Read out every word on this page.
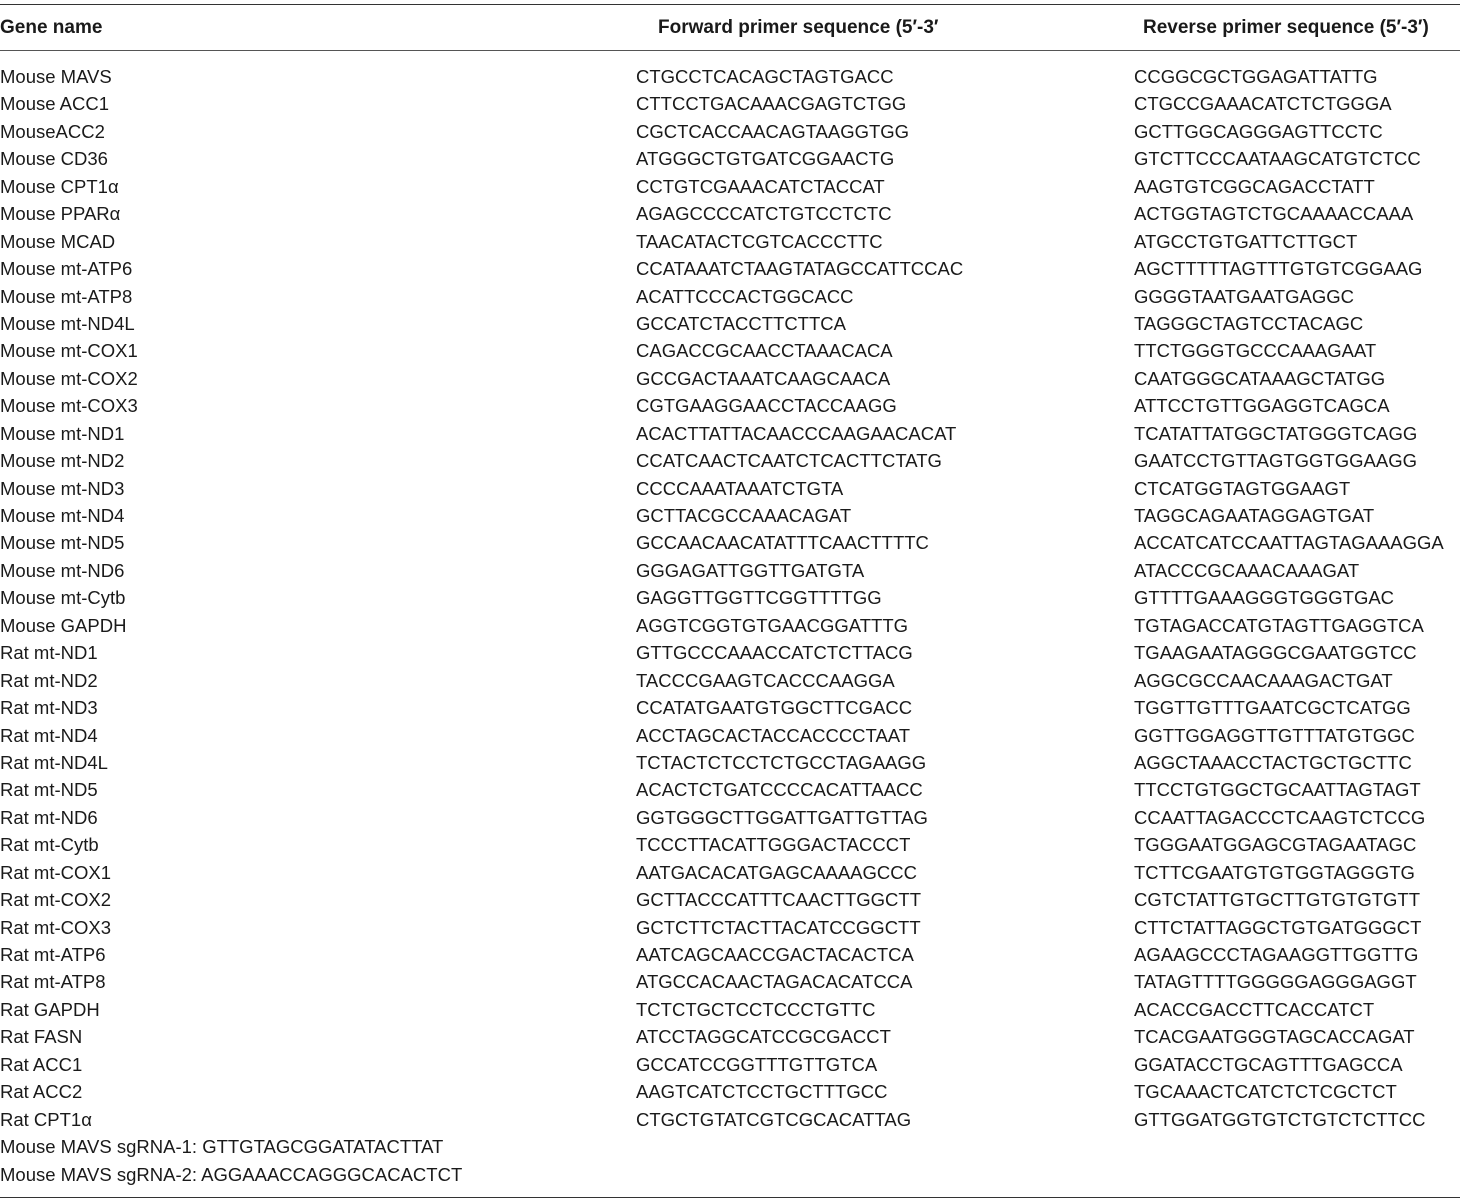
Gene name	Forward primer sequence (5′-3′	Reverse primer sequence (5′-3′)
Mouse MAVS	CTGCCTCACAGCTAGTGACC	CCGGCGCTGGAGATTATTG
Mouse ACC1	CTTCCTGACAAACGAGTCTGG	CTGCCGAAACATCTCTGGGA
MouseACC2	CGCTCACCAACAGTAAGGTGG	GCTTGGCAGGGAGTTCCTC
Mouse CD36	ATGGGCTGTGATCGGAACTG	GTCTTCCCAATAAGCATGTCTCC
Mouse CPT1α	CCTGTCGAAACATCTACCAT	AAGTGTCGGCAGACCTATT
Mouse PPARα	AGAGCCCCATCTGTCCTCTC	ACTGGTAGTCTGCAAAACCAAA
Mouse MCAD	TAACATACTCGTCACCCTTC	ATGCCTGTGATTCTTGCT
Mouse mt-ATP6	CCATAAATCTAAGTATAGCCATTCCAC	AGCTTTTTAGTTTGTGTCGGAAG
Mouse mt-ATP8	ACATTCCCACTGGCACC	GGGGTAATGAATGAGGC
Mouse mt-ND4L	GCCATCTACCTTCTTCA	TAGGGCTAGTCCTACAGC
Mouse mt-COX1	CAGACCGCAACCTAAACACA	TTCTGGGTGCCCAAAGAAT
Mouse mt-COX2	GCCGACTAAATCAAGCAACA	CAATGGGCATAAAGCTATGG
Mouse mt-COX3	CGTGAAGGAACCTACCAAGG	ATTCCTGTTGGAGGTCAGCA
Mouse mt-ND1	ACACTTATTACAACCCAAGAACACAT	TCATATTATGGCTATGGGTCAGG
Mouse mt-ND2	CCATCAACTCAATCTCACTTCTATG	GAATCCTGTTAGTGGTGGAAGG
Mouse mt-ND3	CCCCAAATAAATCTGTA	CTCATGGTAGTGGAAGT
Mouse mt-ND4	GCTTACGCCAAACAGAT	TAGGCAGAATAGGAGTGAT
Mouse mt-ND5	GCCAACAACATATTTCAACTTTTC	ACCATCATCCAATTAGTAGAAAGGA
Mouse mt-ND6	GGGAGATTGGTTGATGTA	ATACCCGCAAACAAAGAT
Mouse mt-Cytb	GAGGTTGGTTCGGTTTTGG	GTTTTGAAAGGGTGGGTGAC
Mouse GAPDH	AGGTCGGTGTGAACGGATTTG	TGTAGACCATGTAGTTGAGGTCA
Rat mt-ND1	GTTGCCCAAACCATCTCTTACG	TGAAGAATAGGGCGAATGGTCC
Rat mt-ND2	TACCCGAAGTCACCCAAGGA	AGGCGCCAACAAAGACTGAT
Rat mt-ND3	CCATATGAATGTGGCTTCGACC	TGGTTGTTTGAATCGCTCATGG
Rat mt-ND4	ACCTAGCACTACCACCCCTAAT	GGTTGGAGGTTGTTTATGTGGC
Rat mt-ND4L	TCTACTCTCCTCTGCCTAGAAGG	AGGCTAAACCTACTGCTGCTTC
Rat mt-ND5	ACACTCTGATCCCCACATTAACC	TTCCTGTGGCTGCAATTAGTAGT
Rat mt-ND6	GGTGGGCTTGGATTGATTGTTAG	CCAATTAGACCCTCAAGTCTCCG
Rat mt-Cytb	TCCCTTACATTGGGACTACCCT	TGGGAATGGAGCGTAGAATAGC
Rat mt-COX1	AATGACACATGAGCAAAAGCCC	TCTTCGAATGTGTGGTAGGGTG
Rat mt-COX2	GCTTACCCATTTCAACTTGGCTT	CGTCTATTGTGCTTGTGTGTGTT
Rat mt-COX3	GCTCTTCTACTTACATCCGGCTT	CTTCTATTAGGCTGTGATGGGCT
Rat mt-ATP6	AATCAGCAACCGACTACACTCA	AGAAGCCCTAGAAGGTTGGTTG
Rat mt-ATP8	ATGCCACAACTAGACACATCCA	TATAGTTTTGGGGGAGGGAGGT
Rat GAPDH	TCTCTGCTCCTCCCTGTTC	ACACCGACCTTCACCATCT
Rat FASN	ATCCTAGGCATCCGCGACCT	TCACGAATGGGTAGCACCAGAT
Rat ACC1	GCCATCCGGTTTGTTGTCA	GGATACCTGCAGTTTGAGCCA
Rat ACC2	AAGTCATCTCCTGCTTTGCC	TGCAAACTCATCTCTCGCTCT
Rat CPT1α	CTGCTGTATCGTCGCACATTAG	GTTGGATGGTGTCTGTCTCTTCC
Mouse MAVS sgRNA-1: GTTGTAGCGGATATACTTAT
Mouse MAVS sgRNA-2: AGGAAACCAGGGCACACTCT
